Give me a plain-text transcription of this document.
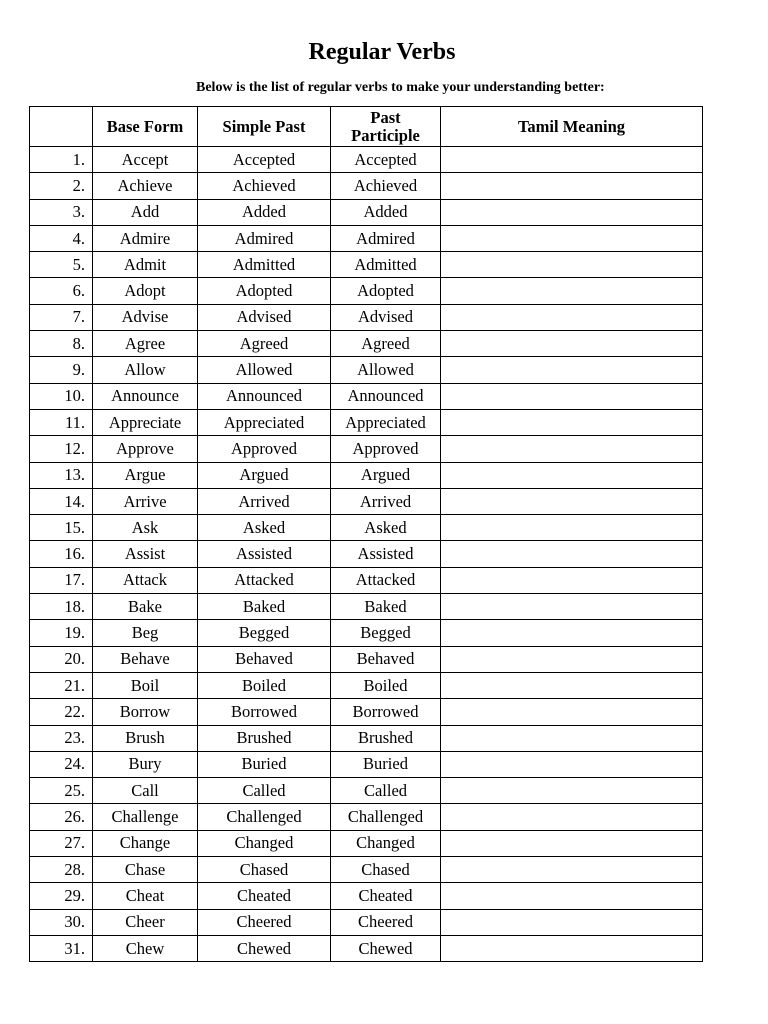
Regular Verbs
Below is the list of regular verbs to make your understanding better:
	Base Form	Simple Past	Past
Participle	Tamil Meaning
1.	Accept	Accepted	Accepted	
2.	Achieve	Achieved	Achieved	
3.	Add	Added	Added	
4.	Admire	Admired	Admired	
5.	Admit	Admitted	Admitted	
6.	Adopt	Adopted	Adopted	
7.	Advise	Advised	Advised	
8.	Agree	Agreed	Agreed	
9.	Allow	Allowed	Allowed	
10.	Announce	Announced	Announced	
11.	Appreciate	Appreciated	Appreciated	
12.	Approve	Approved	Approved	
13.	Argue	Argued	Argued	
14.	Arrive	Arrived	Arrived	
15.	Ask	Asked	Asked	
16.	Assist	Assisted	Assisted	
17.	Attack	Attacked	Attacked	
18.	Bake	Baked	Baked	
19.	Beg	Begged	Begged	
20.	Behave	Behaved	Behaved	
21.	Boil	Boiled	Boiled	
22.	Borrow	Borrowed	Borrowed	
23.	Brush	Brushed	Brushed	
24.	Bury	Buried	Buried	
25.	Call	Called	Called	
26.	Challenge	Challenged	Challenged	
27.	Change	Changed	Changed	
28.	Chase	Chased	Chased	
29.	Cheat	Cheated	Cheated	
30.	Cheer	Cheered	Cheered	
31.	Chew	Chewed	Chewed	
